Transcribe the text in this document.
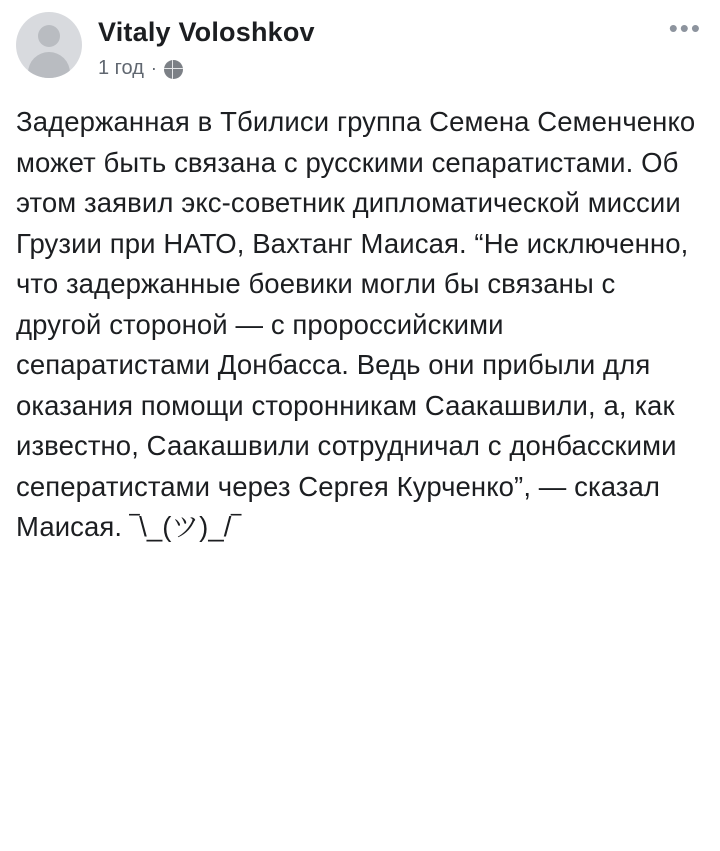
Vitaly Voloshkov
1 год ·
•••
Задержанная в Тбилиси группа Семена Семенченко может быть связана с русскими сепаратистами. Об этом заявил экс-советник дипломатической миссии Грузии при НАТО, Вахтанг Маисая. “Не исключенно, что задержанные боевики могли бы связаны с другой стороной — с пророссийскими сепаратистами Донбасса. Ведь они прибыли для оказания помощи сторонникам Саакашвили, а, как известно, Саакашвили сотрудничал с донбасскими сеператистами через Сергея Курченко”, — сказал Маисая. ‾\_(ツ)_/‾
